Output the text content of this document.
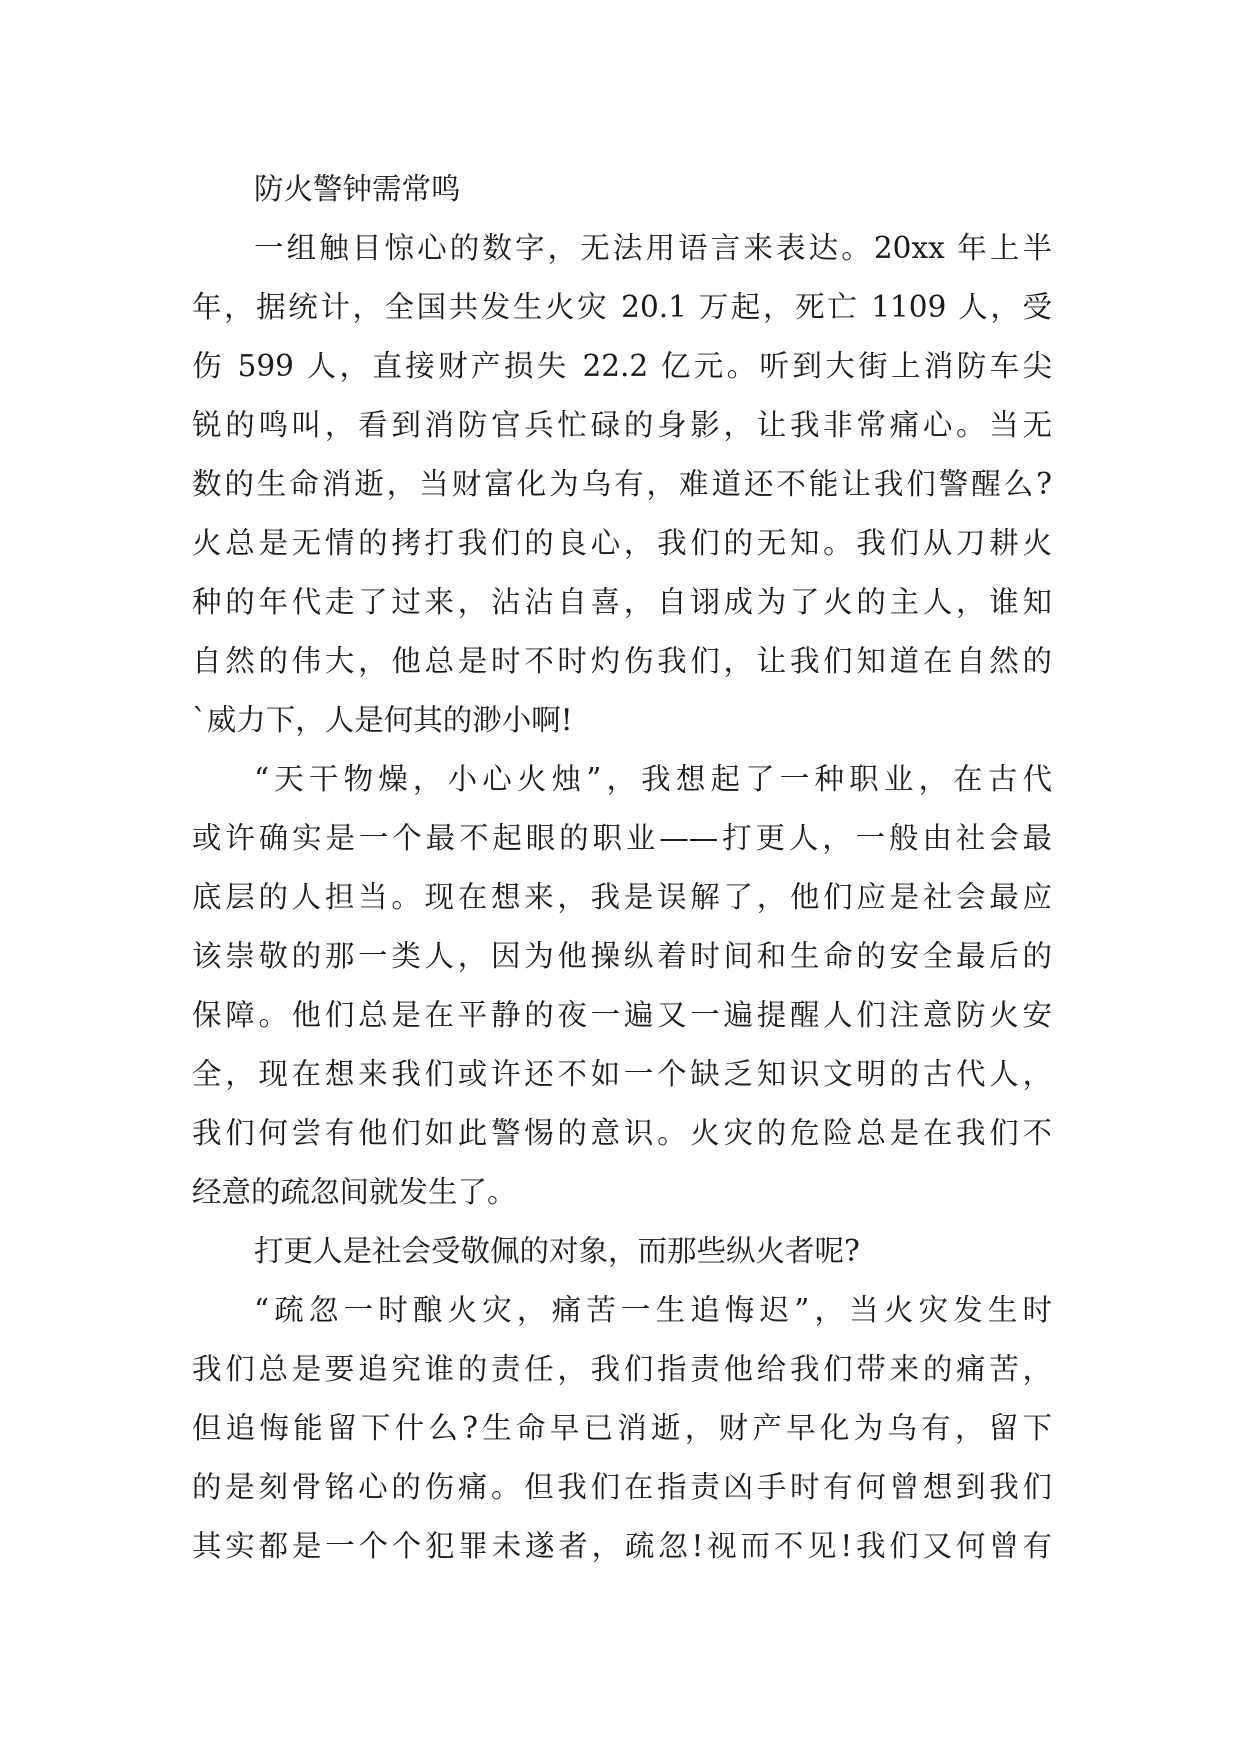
防火警钟需常鸣
一组触目惊心的数字，无法用语言来表达。20xx 年上半
年，据统计，全国共发生火灾 20.1 万起，死亡 1109 人，受
伤 599 人，直接财产损失 22.2 亿元。听到大街上消防车尖
锐的鸣叫，看到消防官兵忙碌的身影，让我非常痛心。当无
数的生命消逝，当财富化为乌有，难道还不能让我们警醒么?
火总是无情的拷打我们的良心，我们的无知。我们从刀耕火
种的年代走了过来，沾沾自喜，自诩成为了火的主人，谁知
自然的伟大，他总是时不时灼伤我们，让我们知道在自然的
`威力下，人是何其的渺小啊!
“天干物燥，小心火烛”，我想起了一种职业，在古代
或许确实是一个最不起眼的职业——打更人，一般由社会最
底层的人担当。现在想来，我是误解了，他们应是社会最应
该崇敬的那一类人，因为他操纵着时间和生命的安全最后的
保障。他们总是在平静的夜一遍又一遍提醒人们注意防火安
全，现在想来我们或许还不如一个缺乏知识文明的古代人，
我们何尝有他们如此警惕的意识。火灾的危险总是在我们不
经意的疏忽间就发生了。
打更人是社会受敬佩的对象，而那些纵火者呢?
“疏忽一时酿火灾，痛苦一生追悔迟”，当火灾发生时
我们总是要追究谁的责任，我们指责他给我们带来的痛苦，
但追悔能留下什么?生命早已消逝，财产早化为乌有，留下
的是刻骨铭心的伤痛。但我们在指责凶手时有何曾想到我们
其实都是一个个犯罪未遂者，疏忽!视而不见!我们又何曾有
